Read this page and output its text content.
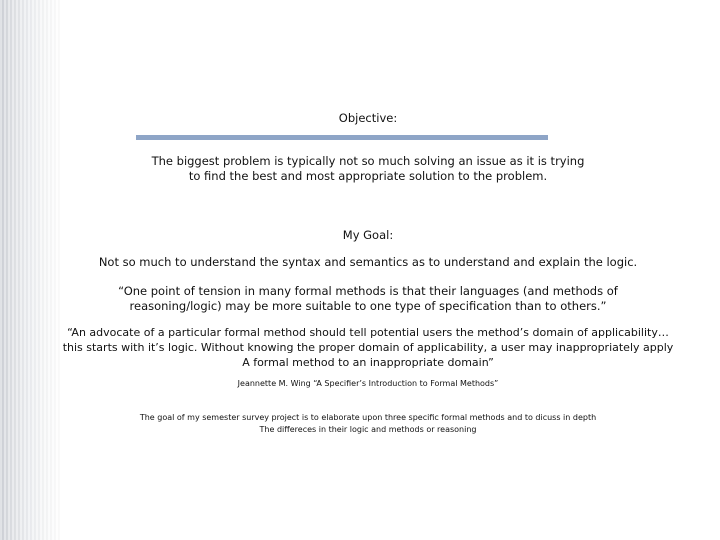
Objective:
The biggest problem is typically not so much solving an issue as it is trying
to find the best and most appropriate solution to the problem.
My Goal:
Not so much to understand the syntax and semantics as to understand and explain the logic.
“One point of tension in many formal methods is that their languages (and methods of
reasoning/logic) may be more suitable to one type of specification than to others.”
“An advocate of a particular formal method should tell potential users the method’s domain of applicability…
this starts with it’s logic. Without knowing the proper domain of applicability, a user may inappropriately apply
A formal method to an inappropriate domain”
Jeannette M. Wing “A Specifier’s Introduction to Formal Methods”
The goal of my semester survey project is to elaborate upon three specific formal methods and to dicuss in depth
The differeces in their logic and methods or reasoning
